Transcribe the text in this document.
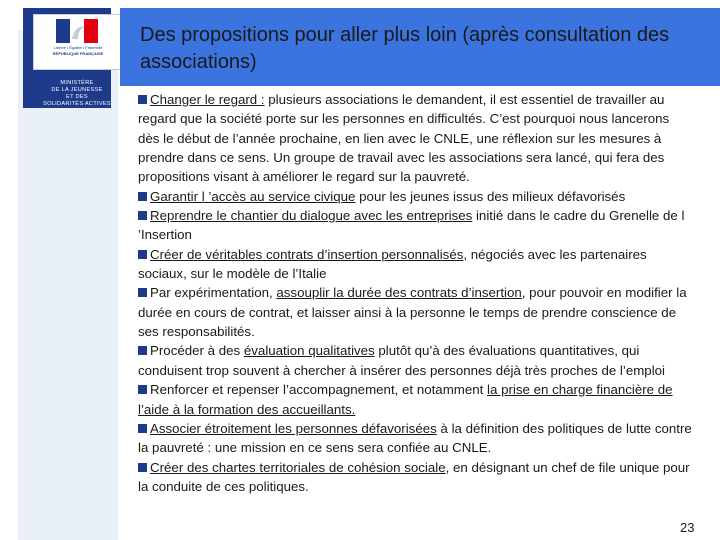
Liberté • Égalité • Fraternité
RÉPUBLIQUE FRANÇAISE
MINISTÈRE
DE LA JEUNESSE
ET DES
SOLIDARITÉS ACTIVES
Des propositions pour aller plus loin (après consultation des associations)

Changer le regard : plusieurs associations le demandent, il est essentiel de travailler au regard que la société porte sur les personnes en difficultés. C’est pourquoi nous lancerons dès le début de l’année prochaine, en lien avec le CNLE, une réflexion sur les mesures à prendre dans ce sens. Un groupe de travail avec les associations sera lancé, qui fera des propositions visant à améliorer le regard sur la pauvreté.

Garantir l ’accès au service civique pour les jeunes issus des milieux défavorisés

Reprendre le chantier du dialogue avec les entreprises initié dans le cadre du Grenelle de l ’Insertion

Créer de véritables contrats d’insertion personnalisés, négociés avec les partenaires sociaux, sur le modèle de l’Italie

Par expérimentation, assouplir la durée des contrats d’insertion, pour pouvoir en modifier la durée en cours de contrat, et laisser ainsi à la personne le temps de prendre conscience de ses responsabilités.

Procéder à des évaluation qualitatives plutôt qu’à des évaluations quantitatives, qui conduisent trop souvent à chercher à insérer des personnes déjà très proches de l’emploi

Renforcer et repenser l’accompagnement, et notamment la prise en charge financière de l’aide à la formation des accueillants.

Associer étroitement les personnes défavorisées à la définition des politiques de lutte contre la pauvreté : une mission en ce sens sera confiée au CNLE.

Créer des chartes territoriales de cohésion sociale, en désignant un chef de file unique pour la conduite de ces politiques.

23
